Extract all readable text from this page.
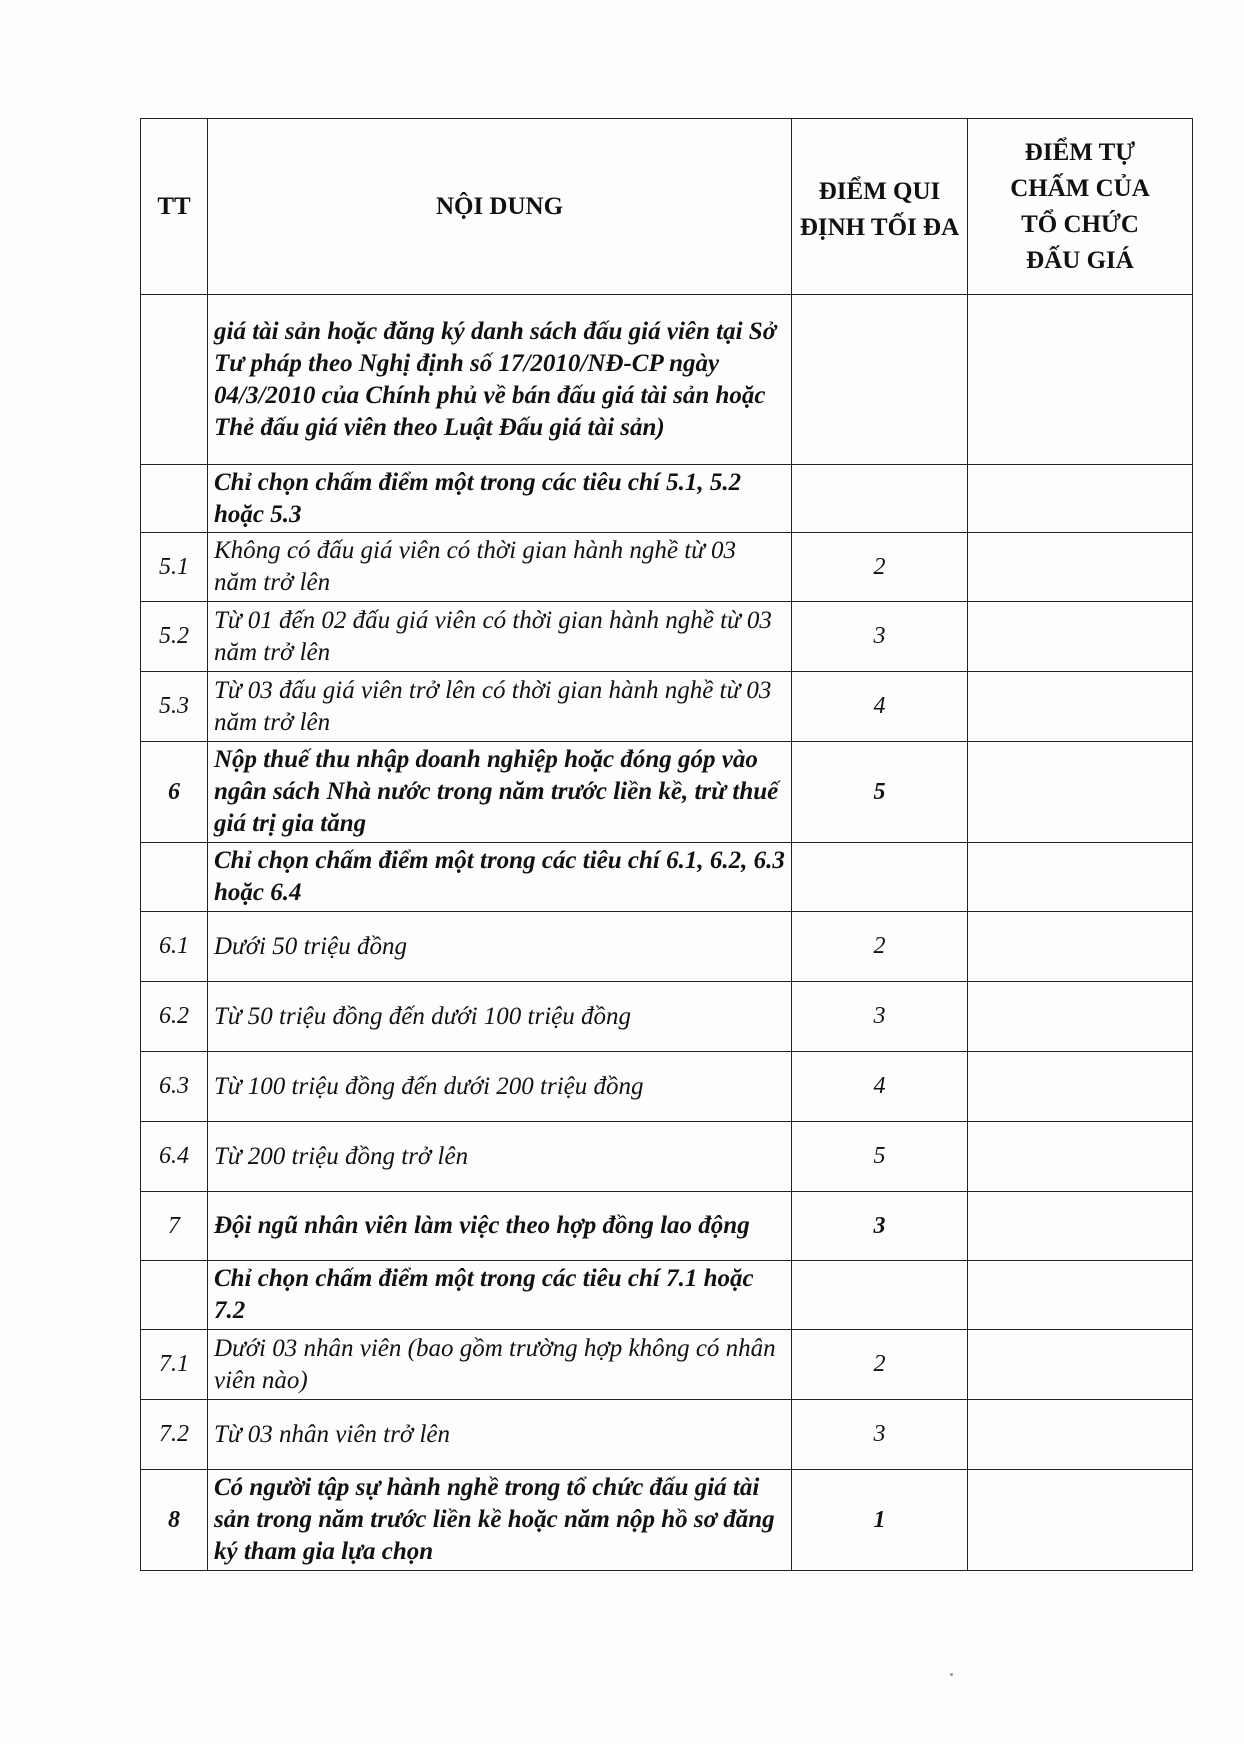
TT	NỘI DUNG	ĐIỂM QUI ĐỊNH TỐI ĐA	ĐIỂM TỰ CHẤM CỦA TỔ CHỨC ĐẤU GIÁ
	giá tài sản hoặc đăng ký danh sách đấu giá viên tại Sở Tư pháp theo Nghị định số 17/2010/NĐ-CP ngày 04/3/2010 của Chính phủ về bán đấu giá tài sản hoặc Thẻ đấu giá viên theo Luật Đấu giá tài sản)		
	Chỉ chọn chấm điểm một trong các tiêu chí 5.1, 5.2 hoặc 5.3		
5.1	Không có đấu giá viên có thời gian hành nghề từ 03 năm trở lên	2	
5.2	Từ 01 đến 02 đấu giá viên có thời gian hành nghề từ 03 năm trở lên	3	
5.3	Từ 03 đấu giá viên trở lên có thời gian hành nghề từ 03 năm trở lên	4	
6	Nộp thuế thu nhập doanh nghiệp hoặc đóng góp vào ngân sách Nhà nước trong năm trước liền kề, trừ thuế giá trị gia tăng	5	
	Chỉ chọn chấm điểm một trong các tiêu chí 6.1, 6.2, 6.3 hoặc 6.4		
6.1	Dưới 50 triệu đồng	2	
6.2	Từ 50 triệu đồng đến dưới 100 triệu đồng	3	
6.3	Từ 100 triệu đồng đến dưới 200 triệu đồng	4	
6.4	Từ 200 triệu đồng trở lên	5	
7	Đội ngũ nhân viên làm việc theo hợp đồng lao động	3	
	Chỉ chọn chấm điểm một trong các tiêu chí 7.1 hoặc 7.2		
7.1	Dưới 03 nhân viên (bao gồm trường hợp không có nhân viên nào)	2	
7.2	Từ 03 nhân viên trở lên	3	
8	Có người tập sự hành nghề trong tổ chức đấu giá tài sản trong năm trước liền kề hoặc năm nộp hồ sơ đăng ký tham gia lựa chọn	1	
